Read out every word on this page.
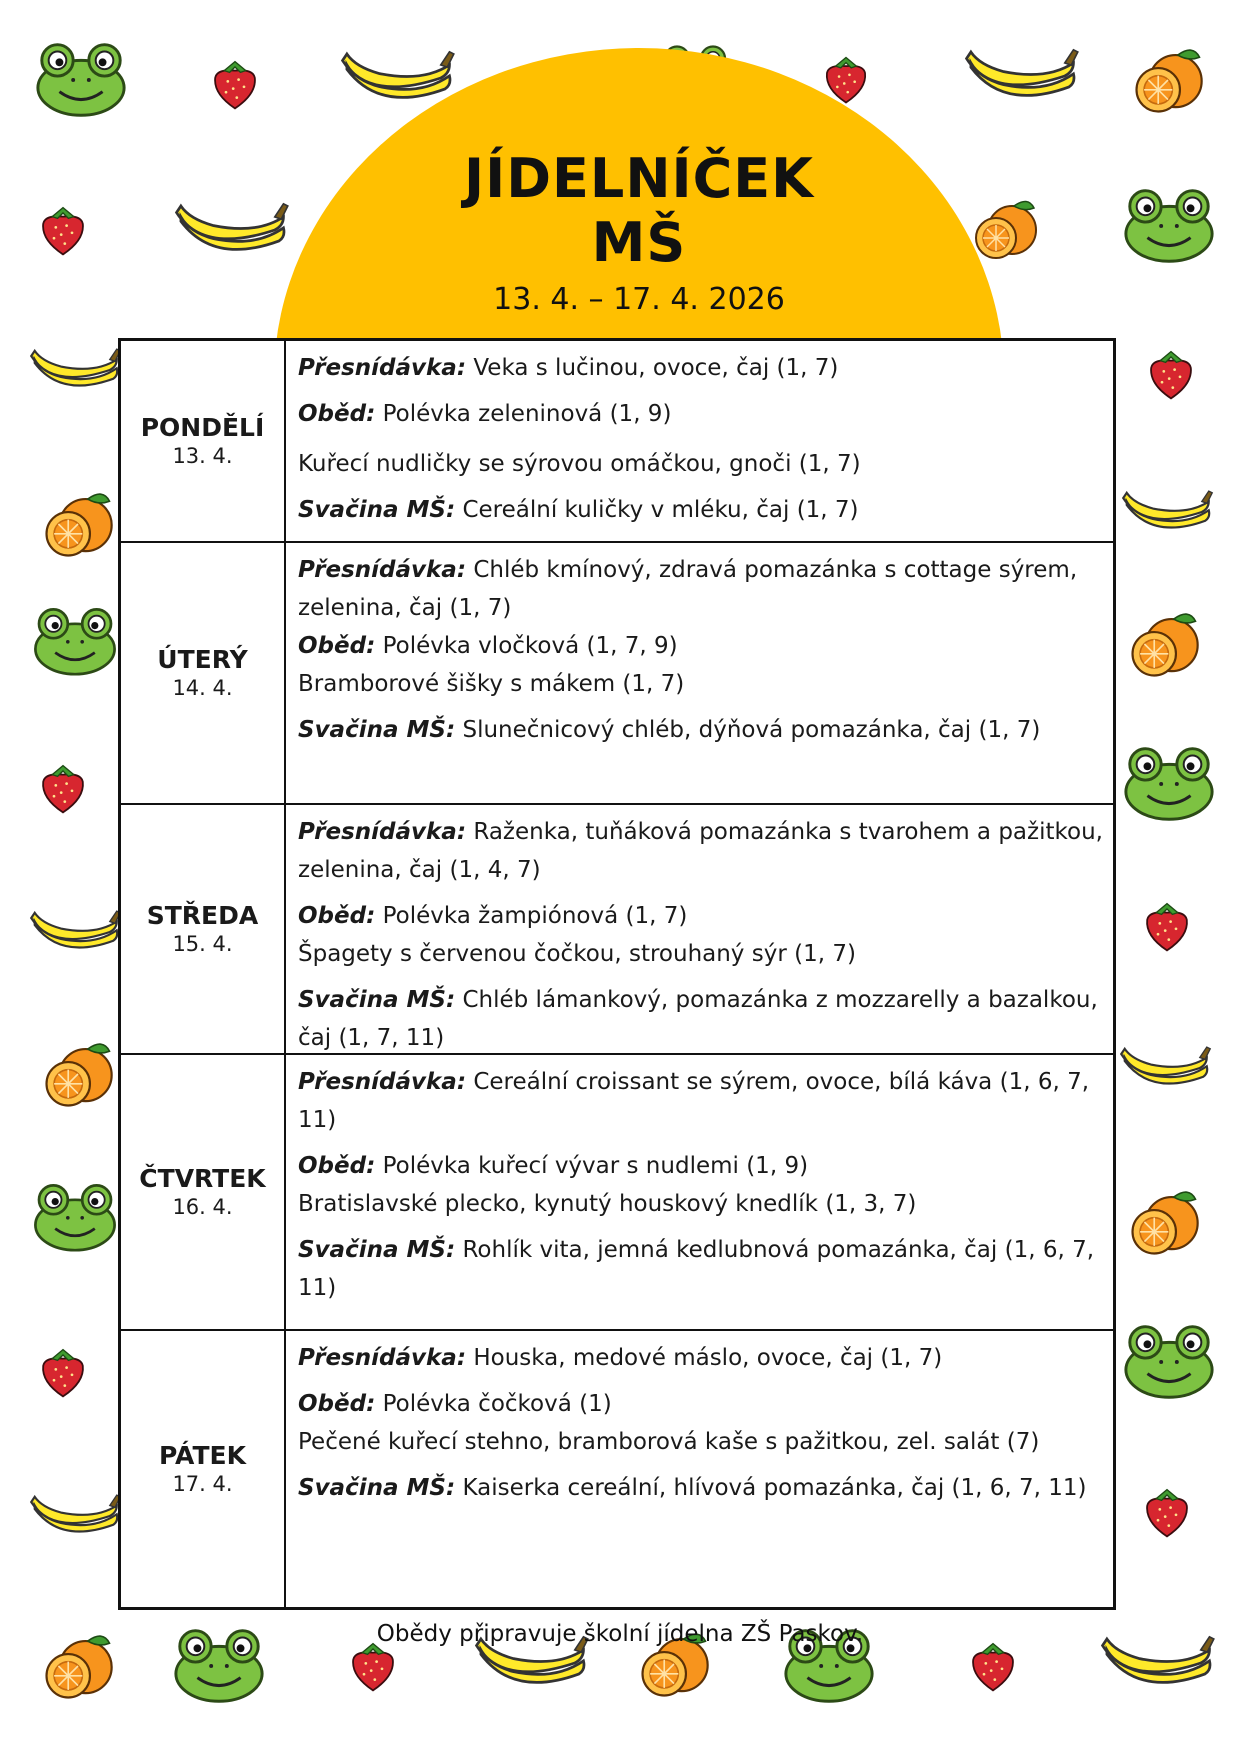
JÍDELNÍČEK
MŠ
13. 4. – 17. 4. 2026
PONDĚLÍ
13. 4.

Přesnídávka: Veka s lučinou, ovoce, čaj (1, 7)

Oběd: Polévka zeleninová (1, 9)
Kuřecí nudličky se sýrovou omáčkou, gnoči (1, 7)

Svačina MŠ: Cereální kuličky v mléku, čaj (1, 7)

ÚTERÝ
14. 4.

Přesnídávka: Chléb kmínový, zdravá pomazánka s cottage sýrem, zelenina, čaj (1, 7)

Oběd: Polévka vločková (1, 7, 9)
Bramborové šišky s mákem (1, 7)

Svačina MŠ: Slunečnicový chléb, dýňová pomazánka, čaj (1, 7)

STŘEDA
15. 4.

Přesnídávka: Raženka, tuňáková pomazánka s tvarohem a pažitkou, zelenina, čaj (1, 4, 7)

Oběd: Polévka žampiónová (1, 7)
Špagety s červenou čočkou, strouhaný sýr (1, 7)

Svačina MŠ: Chléb lámankový, pomazánka z mozzarelly a bazalkou, čaj (1, 7, 11)

ČTVRTEK
16. 4.

Přesnídávka: Cereální croissant se sýrem, ovoce, bílá káva (1, 6, 7, 11)

Oběd: Polévka kuřecí vývar s nudlemi (1, 9)
Bratislavské plecko, kynutý houskový knedlík (1, 3, 7)

Svačina MŠ: Rohlík vita, jemná kedlubnová pomazánka, čaj (1, 6, 7, 11)

PÁTEK
17. 4.

Přesnídávka: Houska, medové máslo, ovoce, čaj (1, 7)

Oběd: Polévka čočková (1)
Pečené kuřecí stehno, bramborová kaše s pažitkou, zel. salát (7)

Svačina MŠ: Kaiserka cereální, hlívová pomazánka, čaj (1, 6, 7, 11)

Obědy připravuje školní jídelna ZŠ Paskov.
